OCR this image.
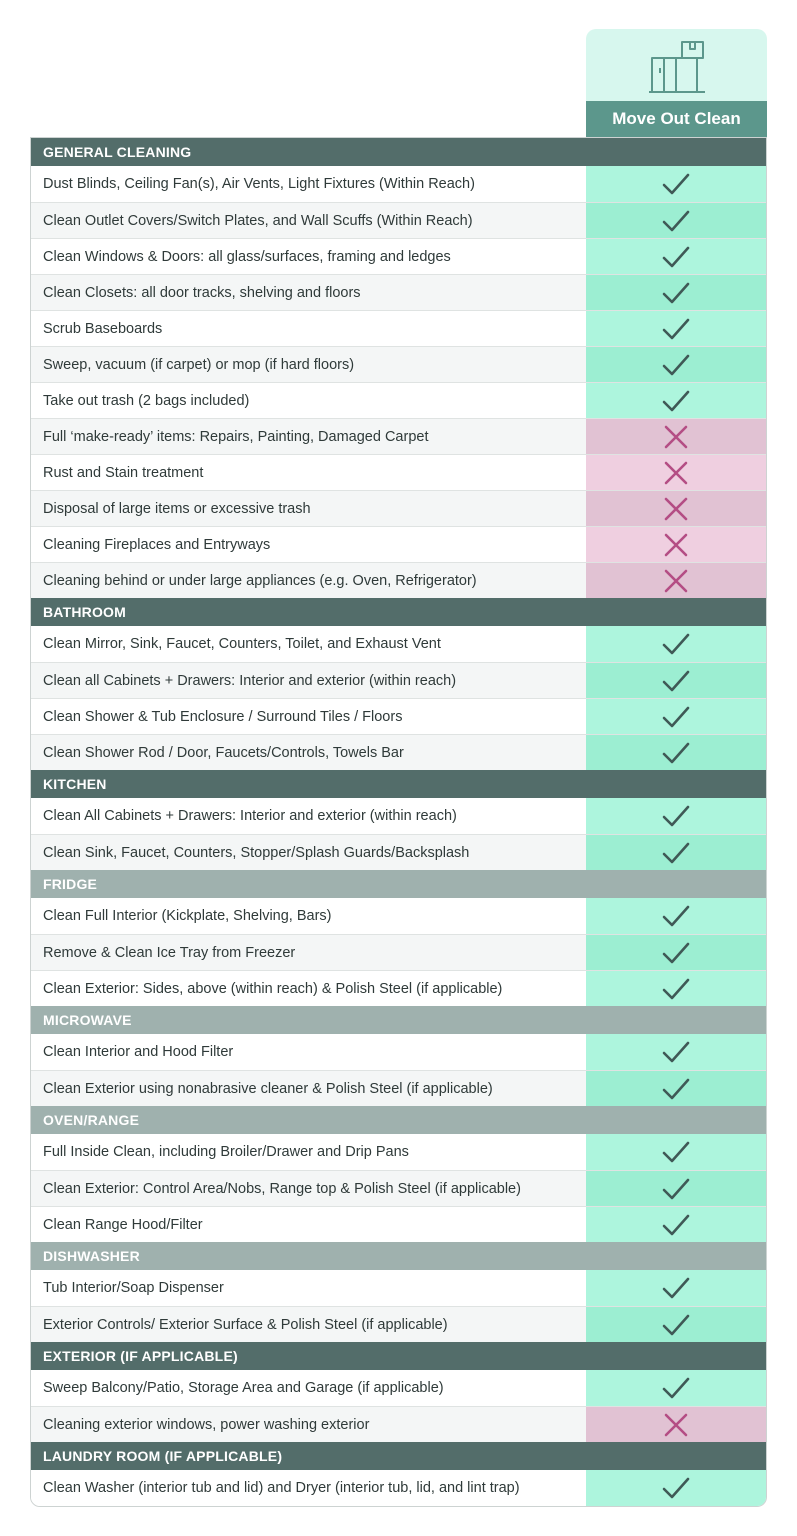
Move Out Clean
GENERAL CLEANING
Dust Blinds, Ceiling Fan(s), Air Vents, Light Fixtures (Within Reach)
Clean Outlet Covers/Switch Plates, and Wall Scuffs (Within Reach)
Clean Windows & Doors: all glass/surfaces, framing and ledges
Clean Closets: all door tracks, shelving and floors
Scrub Baseboards
Sweep, vacuum (if carpet) or mop (if hard floors)
Take out trash (2 bags included)
Full ‘make-ready’ items: Repairs, Painting, Damaged Carpet
Rust and Stain treatment
Disposal of large items or excessive trash
Cleaning Fireplaces and Entryways
Cleaning behind or under large appliances (e.g. Oven, Refrigerator)
BATHROOM
Clean Mirror, Sink, Faucet, Counters, Toilet, and Exhaust Vent
Clean all Cabinets + Drawers: Interior and exterior (within reach)
Clean Shower & Tub Enclosure / Surround Tiles / Floors
Clean Shower Rod / Door, Faucets/Controls, Towels Bar
KITCHEN
Clean All Cabinets + Drawers: Interior and exterior (within reach)
Clean Sink, Faucet, Counters, Stopper/Splash Guards/Backsplash
FRIDGE
Clean Full Interior (Kickplate, Shelving, Bars)
Remove & Clean Ice Tray from Freezer
Clean Exterior: Sides, above (within reach) & Polish Steel (if applicable)
MICROWAVE
Clean Interior and Hood Filter
Clean Exterior using nonabrasive cleaner & Polish Steel (if applicable)
OVEN/RANGE
Full Inside Clean, including Broiler/Drawer and Drip Pans
Clean Exterior: Control Area/Nobs, Range top & Polish Steel (if applicable)
Clean Range Hood/Filter
DISHWASHER
Tub Interior/Soap Dispenser
Exterior Controls/ Exterior Surface & Polish Steel (if applicable)
EXTERIOR (IF APPLICABLE)
Sweep Balcony/Patio, Storage Area and Garage (if applicable)
Cleaning exterior windows, power washing exterior
LAUNDRY ROOM (IF APPLICABLE)
Clean Washer (interior tub and lid) and Dryer (interior tub, lid, and lint trap)
